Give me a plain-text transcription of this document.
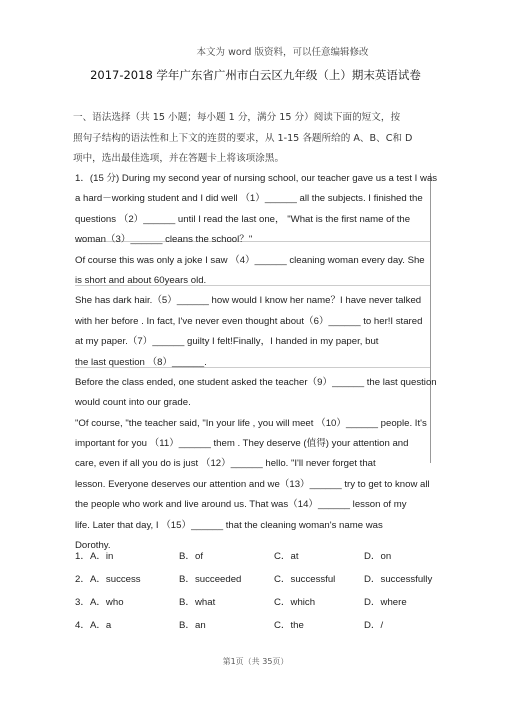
本文为 word 版资料，可以任意编辑修改
2017-2018 学年广东省广州市白云区九年级（上）期末英语试卷
一、语法选择（共 15 小题；每小题 1 分，满分 15 分）阅读下面的短文，按
照句子结构的语法性和上下文的连贯的要求，从 1-15 各题所给的 A、B、C和 D
项中，选出最佳选项，并在答题卡上将该项涂黑。
1．(15 分) During my second year of nursing school, our teacher gave us a test I was
a hard－working student and I did well （1）______ all the subjects. I finished the
questions （2）______ until I read the last one， "What is the first name of the
woman（3）______ cleans the school？"
Of course this was only a joke I saw （4）______ cleaning woman every day. She
is short and about 60years old.
She has dark hair.（5）______ how would I know her name？I have never talked
with her before . In fact, I've never even thought about（6）______ to her!I stared
at my paper.（7）______ guilty I felt!Finally，I handed in my paper, but
the last question （8）______.
Before the class ended, one student asked the teacher（9）______ the last question
would count into our grade.
"Of course, "the teacher said, "In your life , you will meet （10）______ people. It's
important for you （11）______ them . They deserve (值得) your attention and
care, even if all you do is just （12）______ hello. "I'll never forget that
lesson. Everyone deserves our attention and we（13）______ try to get to know all
the people who work and live around us. That was（14）______ lesson of my
life. Later that day, I （15）______ that the cleaning woman's name was
Dorothy.
1．A．in	B．of	C．at	D．on
2．A．success	B．succeeded	C．successful	D．successfully
3．A．who	B．what	C．which	D．where
4．A．a	B．an	C．the	D．/
第1页（共 35页）
